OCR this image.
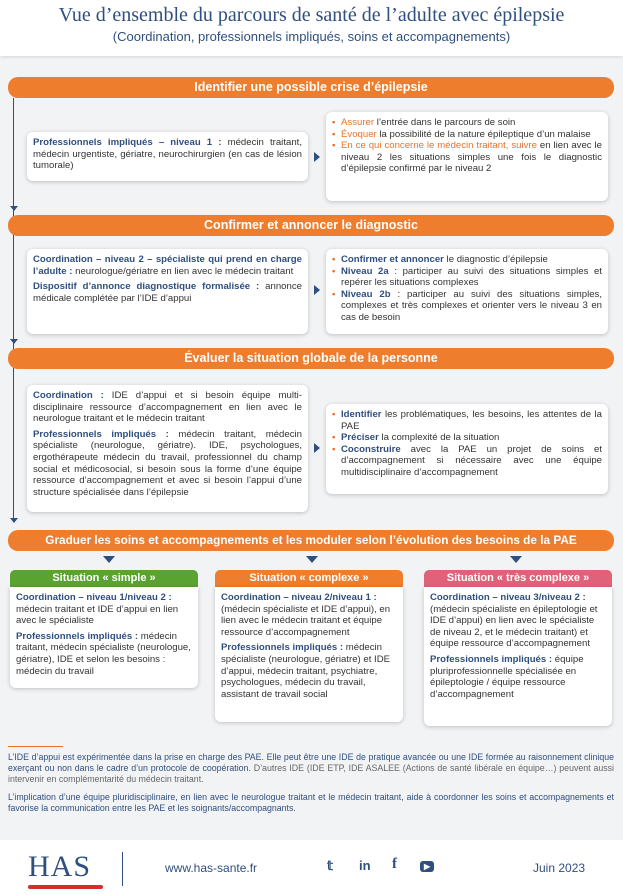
Vue d’ensemble du parcours de santé de l’adulte avec épilepsie
(Coordination, professionnels impliqués, soins et accompagnements)
Identifier une possible crise d’épilepsie
Professionnels impliqués – niveau 1 : médecin traitant, médecin urgentiste, gériatre, neurochirurgien (en cas de lésion tumorale)
• Assurer l’entrée dans le parcours de soin
• Évoquer la possibilité de la nature épileptique d’un malaise
• En ce qui concerne le médecin traitant, suivre en lien avec le niveau 2 les situations simples une fois le diagnostic d’épilepsie confirmé par le niveau 2
Confirmer et annoncer le diagnostic
Coordination – niveau 2 – spécialiste qui prend en charge l’adulte : neurologue/gériatre en lien avec le médecin traitant
Dispositif d’annonce diagnostique formalisée : annonce médicale complétée par l’IDE d’appui
• Confirmer et annoncer le diagnostic d’épilepsie
• Niveau 2a : participer au suivi des situations simples et repérer les situations complexes
• Niveau 2b : participer au suivi des situations simples, complexes et très complexes et orienter vers le niveau 3 en cas de besoin
Évaluer la situation globale de la personne
Coordination : IDE d’appui et si besoin équipe multi-disciplinaire ressource d’accompagnement en lien avec le neurologue traitant et le médecin traitant
Professionnels impliqués : médecin traitant, médecin spécialiste (neurologue, gériatre). IDE, psychologues, ergothérapeute médecin du travail, professionnel du champ social et médicosocial, si besoin sous la forme d’une équipe ressource d’accompagnement et avec si besoin l’appui d’une structure spécialisée dans l’épilepsie
• Identifier les problématiques, les besoins, les attentes de la PAE
• Préciser la complexité de la situation
• Coconstruire avec la PAE un projet de soins et d’accompagnement si nécessaire avec une équipe multidisciplinaire d’accompagnement
Graduer les soins et accompagnements et les moduler selon l’évolution des besoins de la PAE
Situation « simple »
Coordination – niveau 1/niveau 2 : médecin traitant et IDE d’appui en lien avec le spécialiste
Professionnels impliqués : médecin traitant, médecin spécialiste (neurologue, gériatre), IDE et selon les besoins : médecin du travail
Situation « complexe »
Coordination – niveau 2/niveau 1 : (médecin spécialiste et IDE d’appui), en lien avec le médecin traitant et équipe ressource d’accompagnement
Professionnels impliqués : médecin spécialiste (neurologue, gériatre) et IDE d’appui, médecin traitant, psychiatre, psychologues, médecin du travail, assistant de travail social
Situation « très complexe »
Coordination – niveau 3/niveau 2 : (médecin spécialiste en épileptologie et IDE d’appui) en lien avec le spécialiste de niveau 2, et le médecin traitant) et équipe ressource d’accompagnement
Professionnels impliqués : équipe pluriprofessionnelle spécialisée en épileptologie / équipe ressource d’accompagnement
L’IDE d’appui est expérimentée dans la prise en charge des PAE. Elle peut être une IDE de pratique avancée ou une IDE formée au raisonnement clinique exerçant ou non dans le cadre d’un protocole de coopération. D’autres IDE (IDE ETP, IDE ASALEE (Actions de santé libérale en équipe…) peuvent aussi intervenir en complémentarité du médecin traitant.
L’implication d’une équipe pluridisciplinaire, en lien avec le neurologue traitant et le médecin traitant, aide à coordonner les soins et accompagnements et favorise la communication entre les PAE et les soignants/accompagnants.
HAS	www.has-sante.fr	𝕥 in f	▶	Juin 2023
